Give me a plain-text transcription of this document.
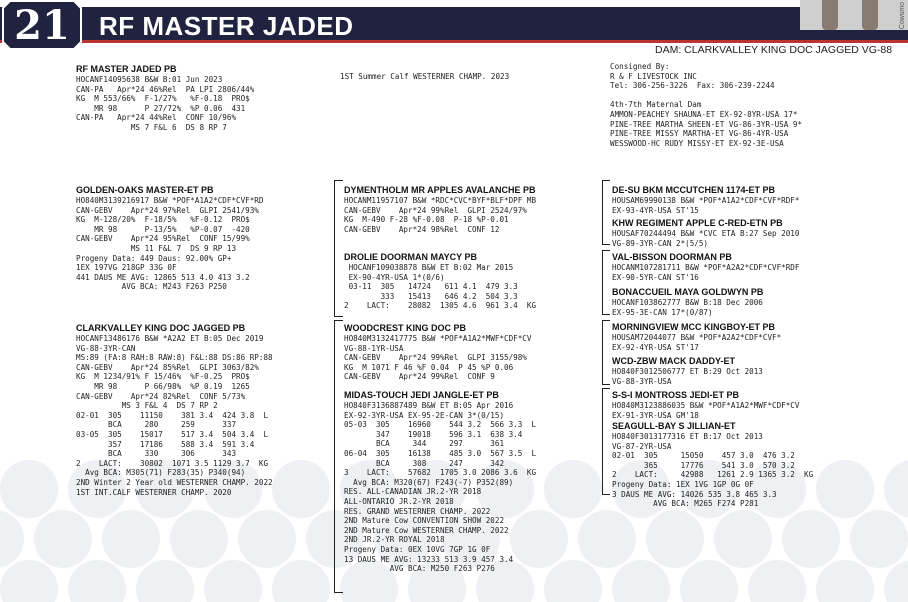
21	RF MASTER JADED	Cowsmo
DAM: CLARKVALLEY KING DOC JAGGED VG-88
RF MASTER JADED PB
HOCANF14095638 B&W B:01 Jun 2023
CAN-PA   Apr*24 46%Rel  PA LPI 2806/44%
KG  M 553/66%  F-1/27%   %F-0.18  PRO$
MR 98      P 27/72%  %P 0.06  431
CAN-PA   Apr*24 44%Rel  CONF 10/96%
MS 7 F&L 6  DS 8 RP 7
1ST Summer Calf WESTERNER CHAMP. 2023
Consigned By:
R & F LIVESTOCK INC
Tel: 306-256-3226  Fax: 306-239-2244

4th-7th Maternal Dam
AMMON-PEACHEY SHAUNA-ET EX-92-8YR-USA 17*
PINE-TREE MARTHA SHEEN-ET VG-86-3YR-USA 9*
PINE-TREE MISSY MARTHA-ET VG-86-4YR-USA
WESSWOOD-HC RUDY MISSY-ET EX-92-3E-USA
GOLDEN-OAKS MASTER-ET PB
HO840M3139216917 B&W *POF*A1A2*CDF*CVF*RD
CAN-GEBV    Apr*24 97%Rel  GLPI 2541/93%
KG  M-128/20%  F-18/5%   %F-0.12  PRO$
MR 98      P-13/5%   %P-0.07  -420
CAN-GEBV    Apr*24 95%Rel  CONF 15/99%
MS 11 F&L 7  DS 9 RP 13
Progeny Data: 449 Daus: 92.00% GP+
1EX 197VG 218GP 33G 0F
441 DAUS ME AVG: 12865 513 4.0 413 3.2
AVG BCA: M243 F263 P250
CLARKVALLEY KING DOC JAGGED PB
HOCANF13486176 B&W *A2A2 ET B:05 Dec 2019
VG-88-3YR-CAN
MS:89 (FA:8 RAH:8 RAW:8) F&L:88 DS:86 RP:88
CAN-GEBV    Apr*24 85%Rel  GLPI 3063/82%
KG  M 1234/91% F 15/46%  %F-0.25  PRO$
MR 98      P 66/98%  %P 0.19  1265
CAN-GEBV    Apr*24 82%Rel  CONF 5/73%
MS 3 F&L 4  DS 7 RP 2
02-01  305    11150    381 3.4  424 3.8  L
BCA     280     259      337
03-05  305    15017    517 3.4  504 3.4  L
357    17186    588 3.4  591 3.4
BCA     330     306      343
2    LACT:    30802  1071 3.5 1129 3.7  KG
Avg BCA: M305(71) F283(35) P340(94)
2ND Winter 2 Year old WESTERNER CHAMP. 2022
1ST INT.CALF WESTERNER CHAMP. 2020
DYMENTHOLM MR APPLES AVALANCHE PB
HOCANM11957107 B&W *RDC*CVC*BYF*BLF*DPF MB
CAN-GEBV    Apr*24 99%Rel  GLPI 2524/97%
KG  M-490 F-28 %F-0.08  P-18 %P-0.01
CAN-GEBV    Apr*24 98%Rel  CONF 12
DROLIE DOORMAN MAYCY PB
HOCANF109038878 B&W ET B:02 Mar 2015
EX-90-4YR-USA 1*(0/6)
03-11  305   14724   611 4.1  479 3.3
333   15413   646 4.2  504 3.3
2    LACT:    28082  1305 4.6  961 3.4  KG
WOODCREST KING DOC PB
HO840M3132417775 B&W *POF*A1A2*MWF*CDF*CV
VG-88-1YR-USA
CAN-GEBV    Apr*24 99%Rel  GLPI 3155/98%
KG  M 1071 F 46 %F 0.04  P 45 %P 0.06
CAN-GEBV    Apr*24 99%Rel  CONF 9
MIDAS-TOUCH JEDI JANGLE-ET PB
HO840F3136887489 B&W ET B:05 Apr 2016
EX-92-3YR-USA EX-95-2E-CAN 3*(0/15)
05-03  305    16960    544 3.2  566 3.3  L
347    19018    596 3.1  638 3.4
BCA     344     297      361
06-04  305    16138    485 3.0  567 3.5  L
BCA     308     247      342
3    LACT:    57682  1705 3.0 2086 3.6  KG
Avg BCA: M320(67) F243(-7) P352(89)
RES. ALL-CANADIAN JR.2-YR 2018
ALL-ONTARIO JR.2-YR 2018
RES. GRAND WESTERNER CHAMP. 2022
2ND Mature Cow CONVENTION SHOW 2022
2ND Mature Cow WESTERNER CHAMP. 2022
2ND JR.2-YR ROYAL 2018
Progeny Data: 0EX 10VG 7GP 1G 0F
13 DAUS ME AVG: 13233 513 3.9 457 3.4
AVG BCA: M250 F263 P276
DE-SU BKM MCCUTCHEN 1174-ET PB
HOUSAM69990138 B&W *POF*A1A2*CDF*CVF*RDF*
EX-93-4YR-USA ST'15
KHW REGIMENT APPLE C-RED-ETN PB
HOUSAF70244494 B&W *CVC ETA B:27 Sep 2010
VG-89-3YR-CAN 2*(5/5)
VAL-BISSON DOORMAN PB
HOCANM107281711 B&W *POF*A2A2*CDF*CVF*RDF
EX-90-5YR-CAN ST'16
BONACCUEIL MAYA GOLDWYN PB
HOCANF103862777 B&W B:18 Dec 2006
EX-95-3E-CAN 17*(0/87)
MORNINGVIEW MCC KINGBOY-ET PB
HOUSAM72044077 B&W *POF*A2A2*CDF*CVF*
EX-92-4YR-USA ST'17
WCD-ZBW MACK DADDY-ET
HO840F3012506777 ET B:29 Oct 2013
VG-88-3YR-USA
S-S-I MONTROSS JEDI-ET PB
HO840M3123886035 B&W *POF*A1A2*MWF*CDF*CV
EX-91-3YR-USA GM'18
SEAGULL-BAY S JILLIAN-ET
HO840F3013177316 ET B:17 Oct 2013
VG-87-2YR-USA
02-01  305     15050    457 3.0  476 3.2
365     17776    541 3.0  570 3.2
2    LACT:     42988   1261 2.9 1365 3.2  KG
Progeny Data: 1EX 1VG 1GP 0G 0F
3 DAUS ME AVG: 14026 535 3.8 465 3.3
AVG BCA: M265 F274 P281
